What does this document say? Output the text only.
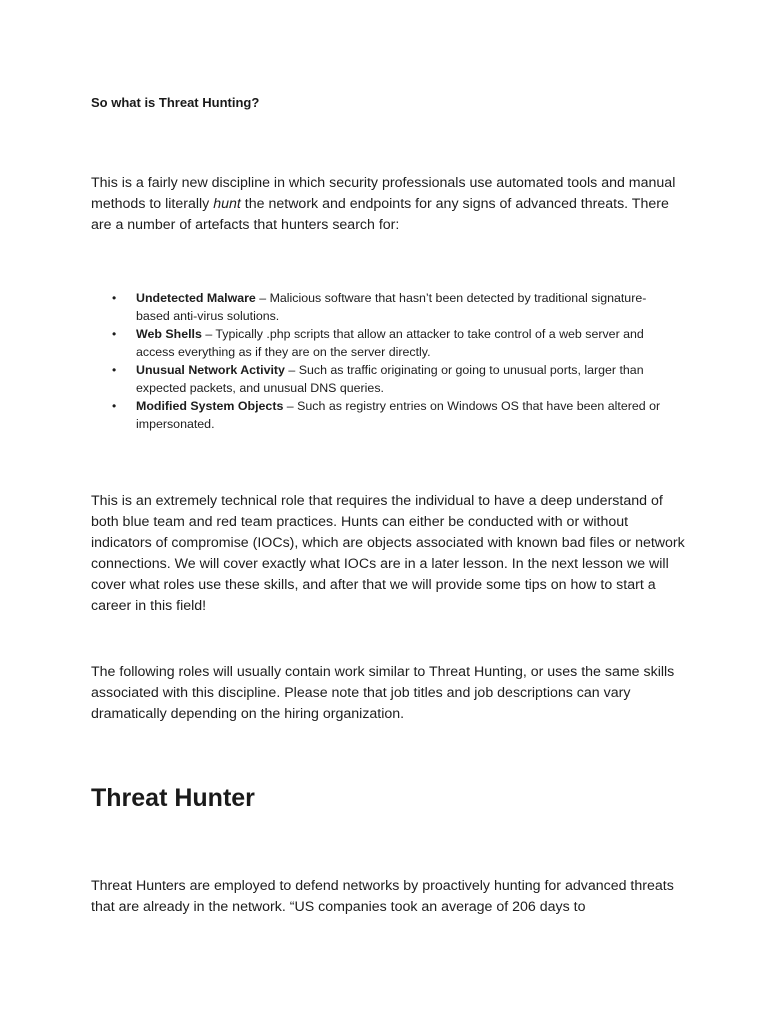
So what is Threat Hunting?

This is a fairly new discipline in which security professionals use automated tools and manual methods to literally hunt the network and endpoints for any signs of advanced threats. There are a number of artefacts that hunters search for:

• Undetected Malware – Malicious software that hasn’t been detected by traditional signature-based anti-virus solutions.
• Web Shells – Typically .php scripts that allow an attacker to take control of a web server and access everything as if they are on the server directly.
• Unusual Network Activity – Such as traffic originating or going to unusual ports, larger than expected packets, and unusual DNS queries.
• Modified System Objects – Such as registry entries on Windows OS that have been altered or impersonated.

This is an extremely technical role that requires the individual to have a deep understand of both blue team and red team practices. Hunts can either be conducted with or without indicators of compromise (IOCs), which are objects associated with known bad files or network connections. We will cover exactly what IOCs are in a later lesson. In the next lesson we will cover what roles use these skills, and after that we will provide some tips on how to start a career in this field!

The following roles will usually contain work similar to Threat Hunting, or uses the same skills associated with this discipline. Please note that job titles and job descriptions can vary dramatically depending on the hiring organization.

Threat Hunter

Threat Hunters are employed to defend networks by proactively hunting for advanced threats that are already in the network. “US companies took an average of 206 days to
